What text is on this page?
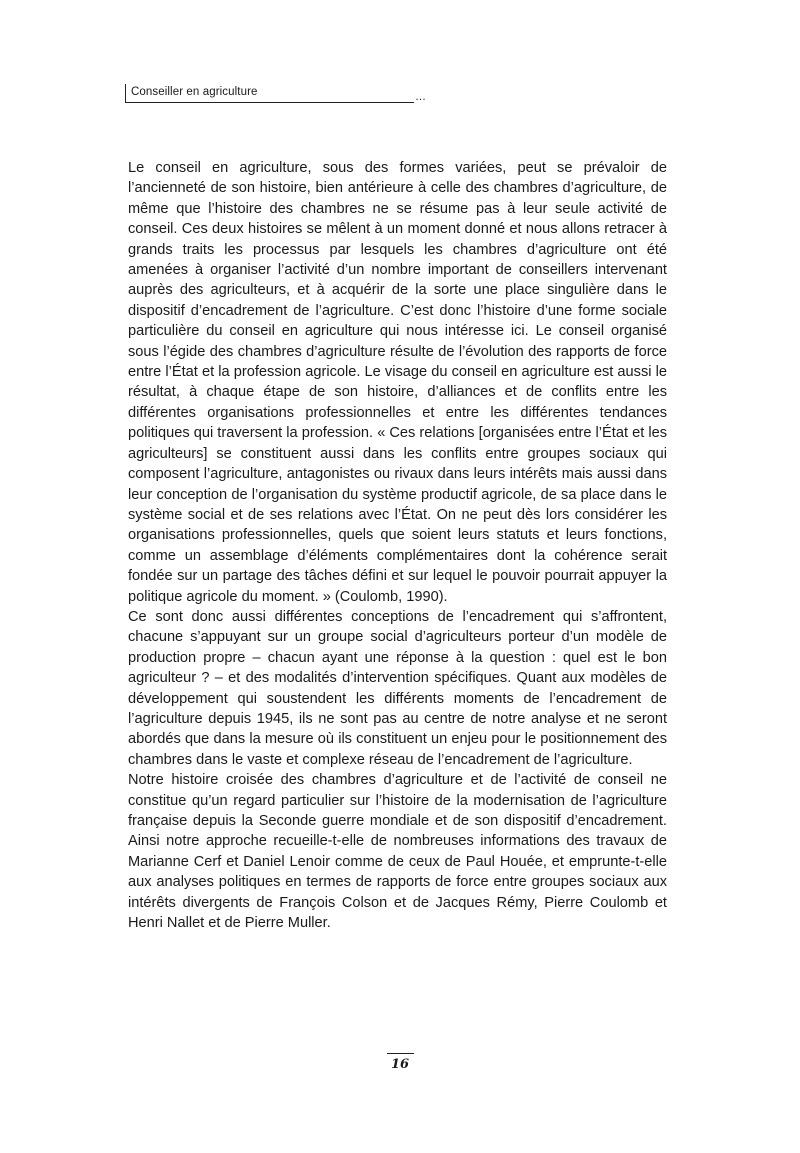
Conseiller en agriculture	…

Le conseil en agriculture, sous des formes variées, peut se prévaloir de l’ancienneté de son histoire, bien antérieure à celle des chambres d’agriculture, de même que l’histoire des chambres ne se résume pas à leur seule activité de conseil. Ces deux histoires se mêlent à un moment donné et nous allons retracer à grands traits les processus par lesquels les chambres d’agriculture ont été amenées à organiser l’activité d’un nombre important de conseillers intervenant auprès des agriculteurs, et à acquérir de la sorte une place singulière dans le dispositif d’encadrement de l’agriculture. C’est donc l’histoire d’une forme sociale particulière du conseil en agriculture qui nous intéresse ici. Le conseil organisé sous l’égide des chambres d’agriculture résulte de l’évolution des rapports de force entre l’État et la profession agricole. Le visage du conseil en agriculture est aussi le résultat, à chaque étape de son histoire, d’alliances et de conflits entre les différentes organisations professionnelles et entre les différentes tendances politiques qui traversent la profession. « Ces relations [organisées entre l’État et les agriculteurs] se constituent aussi dans les conflits entre groupes sociaux qui composent l’agriculture, antagonistes ou rivaux dans leurs intérêts mais aussi dans leur conception de l’organisation du système productif agricole, de sa place dans le système social et de ses relations avec l’État. On ne peut dès lors considérer les organisations professionnelles, quels que soient leurs statuts et leurs fonctions, comme un assemblage d’éléments complémentaires dont la cohérence serait fondée sur un partage des tâches défini et sur lequel le pouvoir pourrait appuyer la politique agricole du moment. » (Coulomb, 1990).

Ce sont donc aussi différentes conceptions de l’encadrement qui s’affrontent, chacune s’appuyant sur un groupe social d’agriculteurs porteur d’un modèle de production propre – chacun ayant une réponse à la question : quel est le bon agriculteur ? – et des modalités d’intervention spécifiques. Quant aux modèles de développement qui soustendent les différents moments de l’encadrement de l’agriculture depuis 1945, ils ne sont pas au centre de notre analyse et ne seront abordés que dans la mesure où ils constituent un enjeu pour le positionnement des chambres dans le vaste et complexe réseau de l’encadrement de l’agriculture.

Notre histoire croisée des chambres d’agriculture et de l’activité de conseil ne constitue qu’un regard particulier sur l’histoire de la modernisation de l’agriculture française depuis la Seconde guerre mondiale et de son dispositif d’encadrement. Ainsi notre approche recueille-t-elle de nombreuses informations des travaux de Marianne Cerf et Daniel Lenoir comme de ceux de Paul Houée, et emprunte-t-elle aux analyses politiques en termes de rapports de force entre groupes sociaux aux intérêts divergents de François Colson et de Jacques Rémy, Pierre Coulomb et Henri Nallet et de Pierre Muller.

16
